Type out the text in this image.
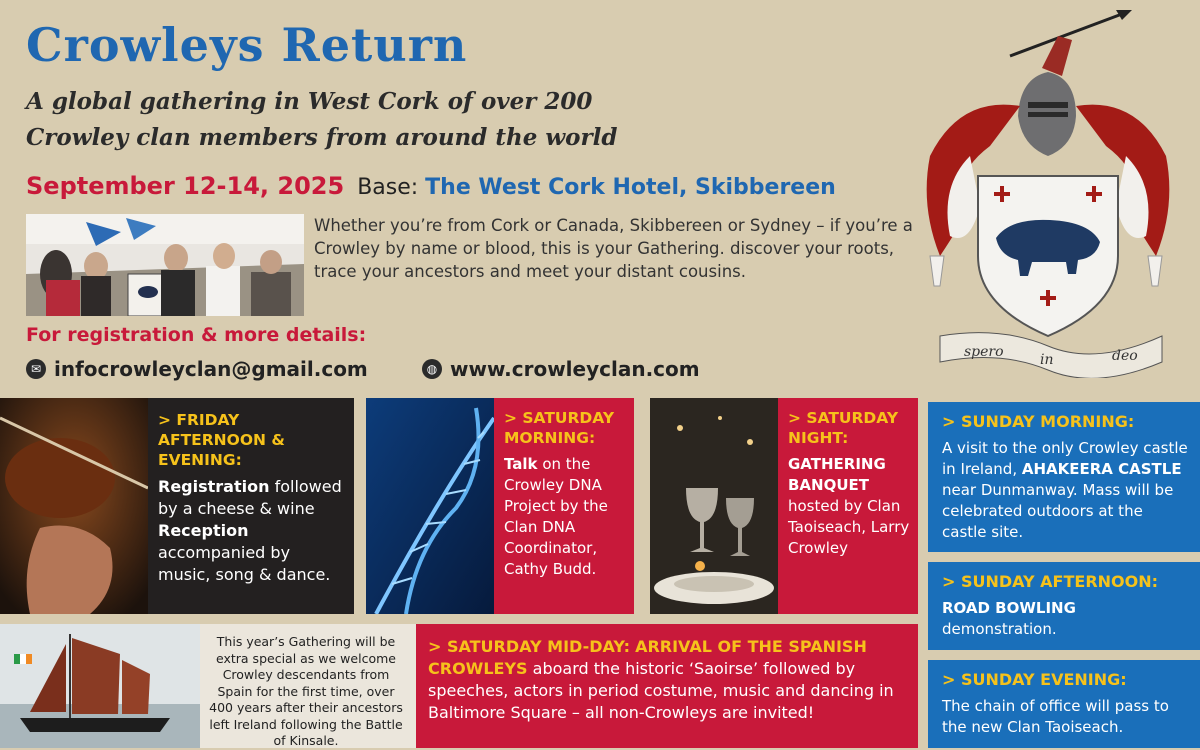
Crowleys Return
A global gathering in West Cork of over 200
Crowley clan members from around the world
September 12-14, 2025 Base: The West Cork Hotel, Skibbereen
Whether you’re from Cork or Canada, Skibbereen or Sydney – if you’re a Crowley by name or blood, this is your Gathering. discover your roots, trace your ancestors and meet your distant cousins.
For registration & more details:
✉ infocrowleyclan@gmail.com	◍ www.crowleyclan.com
spero	in	deo
> FRIDAY AFTERNOON & EVENING:
Registration followed by a cheese & wine Reception accompanied by music, song & dance.
> SATURDAY MORNING:
Talk on the Crowley DNA Project by the Clan DNA Coordinator, Cathy Budd.
> SATURDAY NIGHT:
GATHERING BANQUET hosted by Clan Taoiseach, Larry Crowley
> SUNDAY MORNING:
A visit to the only Crowley castle in Ireland, AHAKEERA CASTLE near Dunmanway. Mass will be celebrated outdoors at the castle site.
> SUNDAY AFTERNOON:
ROAD BOWLING
demonstration.
> SUNDAY EVENING:
The chain of office will pass to the new Clan Taoiseach.
This year’s Gathering will be extra special as we welcome Crowley descendants from Spain for the first time, over 400 years after their ancestors left Ireland following the Battle of Kinsale.
> SATURDAY MID-DAY: ARRIVAL OF THE SPANISH CROWLEYS aboard the historic ‘Saoirse’ followed by speeches, actors in period costume, music and dancing in Baltimore Square – all non-Crowleys are invited!
